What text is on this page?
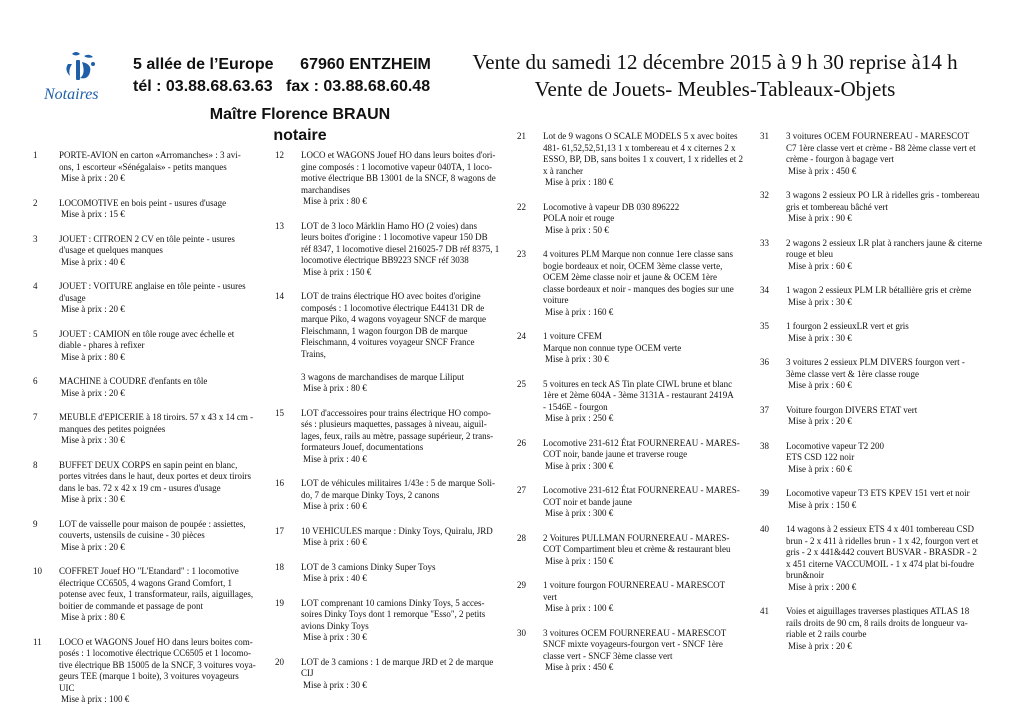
Notaires
5 allée de l’Europe      67960 ENTZHEIM
tél : 03.88.68.63.63   fax : 03.88.68.60.48
Maître Florence BRAUN
notaire
Vente du samedi 12 décembre 2015 à 9 h 30 reprise à14 h
Vente de Jouets- Meubles-Tableaux-Objets
1	PORTE-AVION en carton «Arromanches» : 3 avi-
ons, 1 escorteur «Sénégalais» - petits manques
Mise à prix : 20 €
2	LOCOMOTIVE en bois peint - usures d'usage
Mise à prix : 15 €
3	JOUET : CITROEN 2 CV en tôle peinte - usures
d'usage et quelques manques
Mise à prix : 40 €
4	JOUET : VOITURE anglaise en tôle peinte - usures
d'usage
Mise à prix : 20 €
5	JOUET : CAMION en tôle rouge avec échelle et
diable - phares à refixer
Mise à prix : 80 €
6	MACHINE à COUDRE d'enfants en tôle
Mise à prix : 20 €
7	MEUBLE d'EPICERIE à 18 tiroirs. 57 x 43 x 14 cm -
manques des petites poignées
Mise à prix : 30 €
8	BUFFET DEUX CORPS en sapin peint en blanc,
portes vitrées dans le haut, deux portes et deux tiroirs
dans le bas. 72 x 42 x 19 cm - usures d'usage
Mise à prix : 30 €
9	LOT de vaisselle pour maison de poupée : assiettes,
couverts, ustensils de cuisine - 30 pièces
Mise à prix : 20 €
10	COFFRET Jouef HO "L'Etandard" : 1 locomotive
électrique CC6505, 4 wagons Grand Comfort, 1
potense avec feux, 1 transformateur, rails, aiguillages,
boitier de commande et passage de pont
Mise à prix : 80 €
11	LOCO et WAGONS Jouef HO dans leurs boites com-
posés : 1 locomotive électrique CC6505 et 1 locomo-
tive électrique BB 15005 de la SNCF, 3 voitures voya-
geurs TEE (marque 1 boite), 3 voitures voyageurs
UIC
Mise à prix : 100 €
12	LOCO et WAGONS Jouef HO dans leurs boites d'ori-
gine composés : 1 locomotive vapeur 040TA, 1 loco-
motive électrique BB 13001 de la SNCF, 8 wagons de
marchandises
Mise à prix : 80 €
13	LOT de 3 loco Märklin Hamo HO (2 voies) dans
leurs boites d'origine : 1 locomotive vapeur 150 DB
réf 8347, 1 locomotive diesel 216025-7 DB réf 8375, 1
locomotive électrique BB9223 SNCF réf 3038
Mise à prix : 150 €
14	LOT de trains électrique HO avec boites d'origine
composés : 1 locomotive électrique E44131 DR de
marque Piko, 4 wagons voyageur SNCF de marque
Fleischmann, 1 wagon fourgon DB de marque
Fleischmann, 4 voitures voyageur SNCF France
Trains,

3 wagons de marchandises de marque Liliput
Mise à prix : 80 €
15	LOT d'accessoires pour trains électrique HO compo-
sés : plusieurs maquettes, passages à niveau, aiguil-
lages, feux, rails au mètre, passage supérieur, 2 trans-
formateurs Jouef, documentations
Mise à prix : 40 €
16	LOT de véhicules militaires 1/43e : 5 de marque Soli-
do, 7 de marque Dinky Toys, 2 canons
Mise à prix : 60 €
17	10 VEHICULES marque : Dinky Toys, Quiralu, JRD
Mise à prix : 60 €
18	LOT de 3 camions Dinky Super Toys
Mise à prix : 40 €
19	LOT comprenant 10 camions Dinky Toys, 5 acces-
soires Dinky Toys dont 1 remorque "Esso", 2 petits
avions Dinky Toys
Mise à prix : 30 €
20	LOT de 3 camions : 1 de marque JRD et 2 de marque
CIJ
Mise à prix : 30 €
21	Lot de 9 wagons O SCALE MODELS 5 x avec boites
481- 61,52,52,51,13 1 x tombereau et 4 x citernes 2 x
ESSO, BP, DB, sans boites 1 x couvert, 1 x ridelles et 2
x à rancher
Mise à prix : 180 €
22	Locomotive à vapeur DB 030 896222
POLA noir et rouge
Mise à prix : 50 €
23	4 voitures PLM Marque non connue 1ere classe sans
bogie bordeaux et noir, OCEM 3ème classe verte,
OCEM 2ème classe noir et jaune & OCEM 1ère
classe bordeaux et noir - manques des bogies sur une
voiture
Mise à prix : 160 €
24	1 voiture CFEM
Marque non connue type OCEM verte
Mise à prix : 30 €
25	5 voitures en teck AS Tin plate CIWL brune et blanc
1ère et 2ème 604A - 3ème 3131A - restaurant 2419A
- 1546E - fourgon
Mise à prix : 250 €
26	Locomotive 231-612 État FOURNEREAU - MARES-
COT noir, bande jaune et traverse rouge
Mise à prix : 300 €
27	Locomotive 231-612 État FOURNEREAU - MARES-
COT noir et bande jaune
Mise à prix : 300 €
28	2 Voitures PULLMAN FOURNEREAU - MARES-
COT Compartiment bleu et crème & restaurant bleu
Mise à prix : 150 €
29	1 voiture fourgon FOURNEREAU - MARESCOT
vert
Mise à prix : 100 €
30	3 voitures OCEM FOURNEREAU - MARESCOT
SNCF mixte voyageurs-fourgon vert - SNCF 1ère
classe vert - SNCF 3ème classe vert
Mise à prix : 450 €
31	3 voitures OCEM FOURNEREAU - MARESCOT
C7 1ère classe vert et crème - B8 2ème classe vert et
crème - fourgon à bagage vert
Mise à prix : 450 €
32	3 wagons 2 essieux PO LR à ridelles gris - tombereau
gris et tombereau bâché vert
Mise à prix : 90 €
33	2 wagons 2 essieux LR plat à ranchers jaune & citerne
rouge et bleu
Mise à prix : 60 €
34	1 wagon 2 essieux PLM LR bétallière gris et crème

Mise à prix : 30 €
35	1 fourgon 2 essieuxLR vert et gris
Mise à prix : 30 €
36	3 voitures 2 essieux PLM DIVERS fourgon vert -
3ème classe vert & 1ère classe rouge
Mise à prix : 60 €
37	Voiture fourgon DIVERS ETAT vert
Mise à prix : 20 €
38	Locomotive vapeur T2 200
ETS CSD 122 noir
Mise à prix : 60 €
39	Locomotive vapeur T3 ETS KPEV 151 vert et noir
Mise à prix : 150 €
40	14 wagons à 2 essieux ETS 4 x 401 tombereau CSD
brun - 2 x 411 à ridelles brun - 1 x 42, fourgon vert et
gris - 2 x 441&442 couvert BUSVAR - BRASDR - 2
x 451 citerne VACCUMOIL - 1 x 474 plat bi-foudre
brun&noir
Mise à prix : 200 €
41	Voies et aiguillages traverses plastiques ATLAS 18
rails droits de 90 cm, 8 rails droits de longueur va-
riable et 2 rails courbe
Mise à prix : 20 €
